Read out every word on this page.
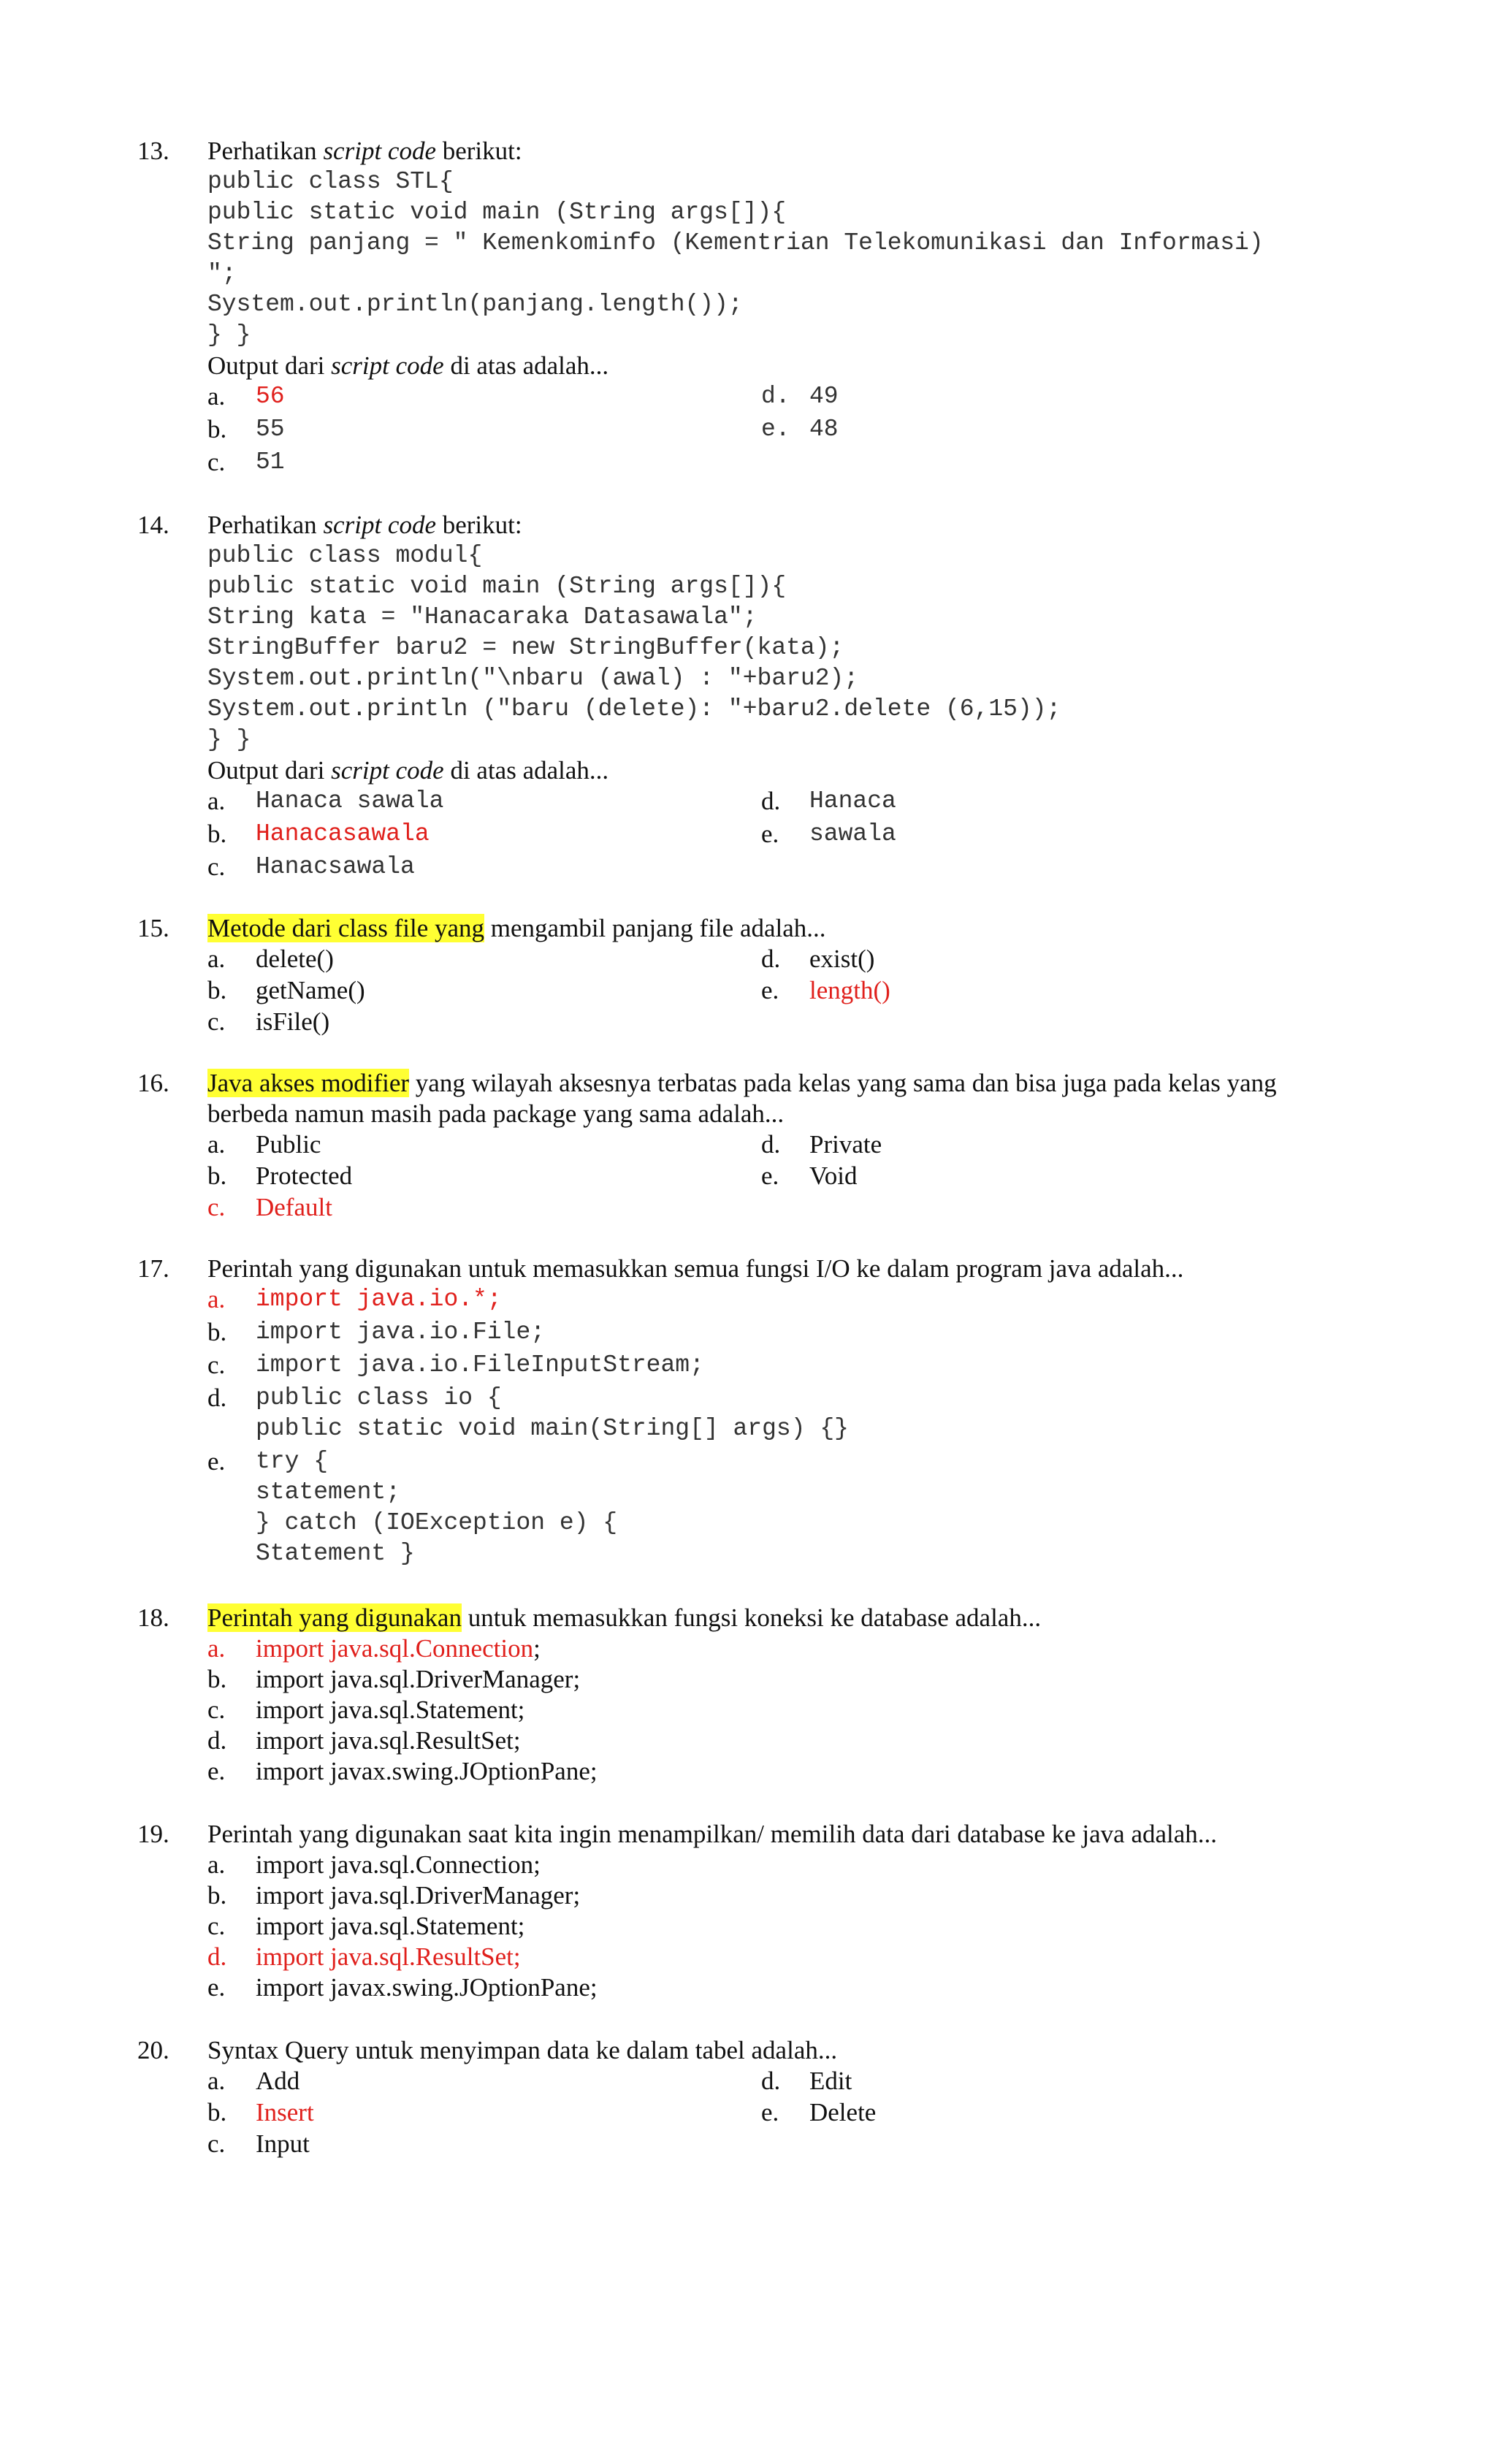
13. Perhatikan script code berikut:
public class STL{
public static void main (String args[]){
String panjang = " Kemenkominfo (Kementrian Telekomunikasi dan Informasi)
";
System.out.println(panjang.length());
} }
Output dari script code di atas adalah...
a.	56	d. 49
b.	55	e. 48
c.	51
14. Perhatikan script code berikut:
public class modul{
public static void main (String args[]){
String kata = "Hanacaraka Datasawala";
StringBuffer baru2 = new StringBuffer(kata);
System.out.println("\nbaru (awal) : "+baru2);
System.out.println ("baru (delete): "+baru2.delete (6,15));
} }
Output dari script code di atas adalah...
a.	Hanaca sawala	d.	Hanaca
b.	Hanacasawala	e.	sawala
c.	Hanacsawala
15. Metode dari class file yang mengambil panjang file adalah...
a.	delete()	d.	exist()
b.	getName()	e.	length()
c.	isFile()
16. Java akses modifier yang wilayah aksesnya terbatas pada kelas yang sama dan bisa juga pada kelas yang
berbeda namun masih pada package yang sama adalah...
a.	Public	d.	Private
b.	Protected	e.	Void
c.	Default
17. Perintah yang digunakan untuk memasukkan semua fungsi I/O ke dalam program java adalah...
a.	import java.io.*;
b.	import java.io.File;
c.	import java.io.FileInputStream;
d.	public class io {
public static void main(String[] args) {}
e.	try {
statement;
} catch (IOException e) {
Statement }
18. Perintah yang digunakan untuk memasukkan fungsi koneksi ke database adalah...
a.	import java.sql.Connection;
b.	import java.sql.DriverManager;
c.	import java.sql.Statement;
d.	import java.sql.ResultSet;
e.	import javax.swing.JOptionPane;
19. Perintah yang digunakan saat kita ingin menampilkan/ memilih data dari database ke java adalah...
a.	import java.sql.Connection;
b.	import java.sql.DriverManager;
c.	import java.sql.Statement;
d.	import java.sql.ResultSet;
e.	import javax.swing.JOptionPane;
20. Syntax Query untuk menyimpan data ke dalam tabel adalah...
a.	Add	d.	Edit
b.	Insert	e.	Delete
c.	Input
